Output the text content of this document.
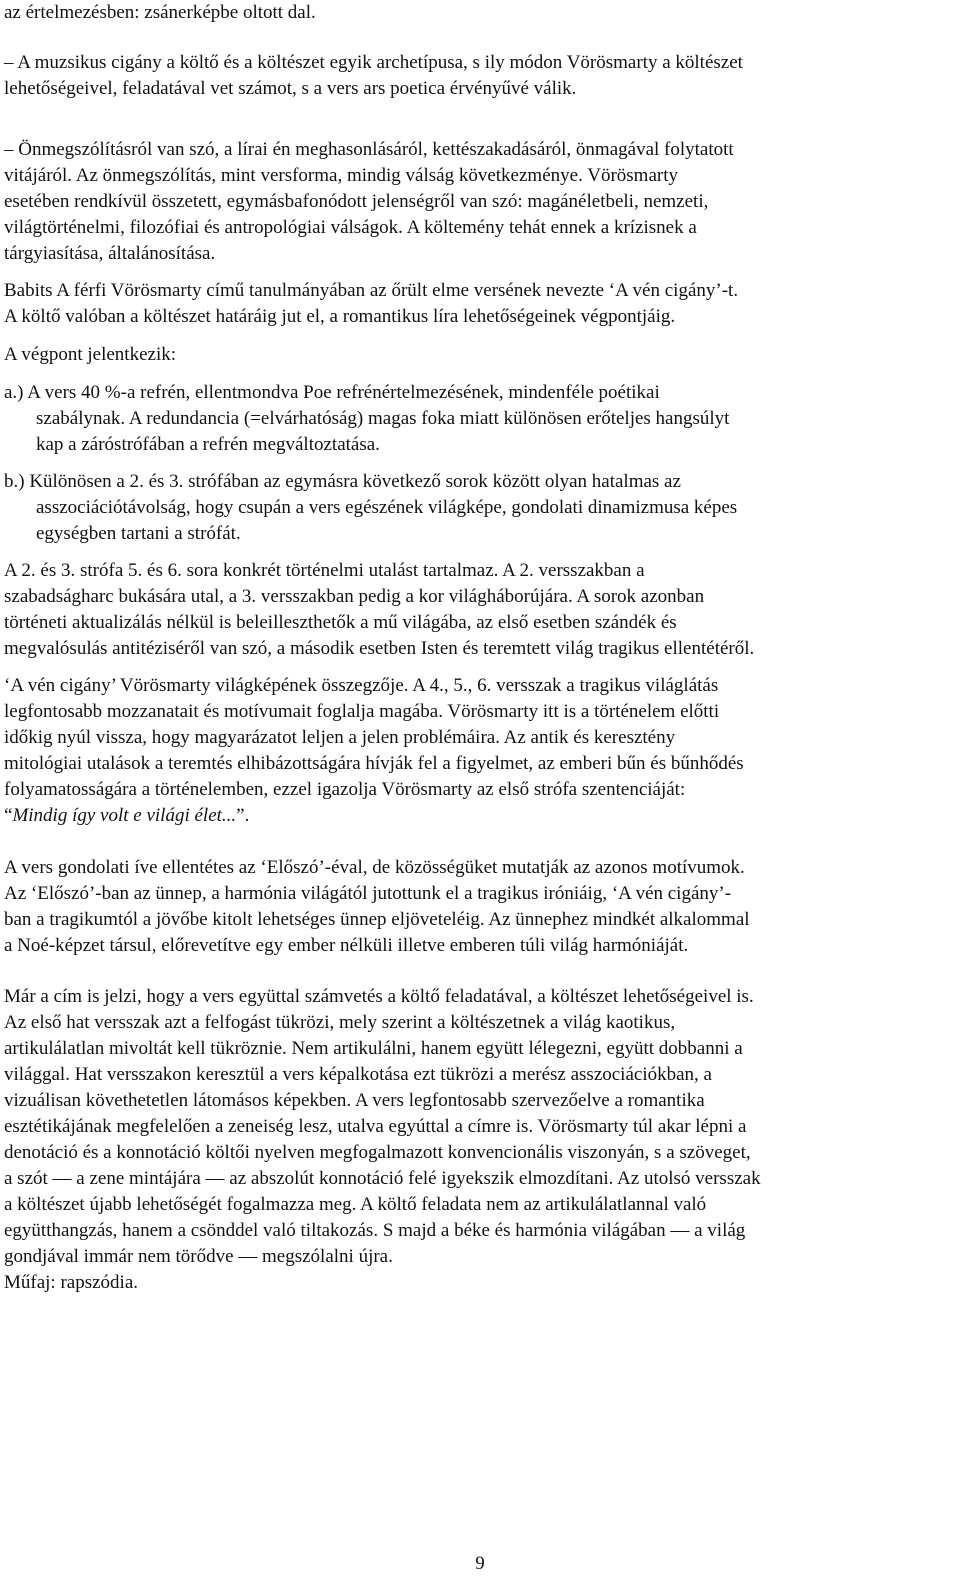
az értelmezésben: zsánerképbe oltott dal.
– A muzsikus cigány a költő és a költészet egyik archetípusa, s ily módon Vörösmarty a költészet
lehetőségeivel, feladatával vet számot, s a vers ars poetica érvényűvé válik.
– Önmegszólításról van szó, a lírai én meghasonlásáról, kettészakadásáról, önmagával folytatott
vitájáról. Az önmegszólítás, mint versforma, mindig válság következménye. Vörösmarty
esetében rendkívül összetett, egymásbafonódott jelenségről van szó: magánéletbeli, nemzeti,
világtörténelmi, filozófiai és antropológiai válságok. A költemény tehát ennek a krízisnek a
tárgyiasítása, általánosítása.
Babits A férfi Vörösmarty című tanulmányában az őrült elme versének nevezte ‘A vén cigány’-t.
A költő valóban a költészet határáig jut el, a romantikus líra lehetőségeinek végpontjáig.
A végpont jelentkezik:
a.) A vers 40 %-a refrén, ellentmondva Poe refrénértelmezésének, mindenféle poétikai
szabálynak. A redundancia (=elvárhatóság) magas foka miatt különösen erőteljes hangsúlyt
kap a záróstrófában a refrén megváltoztatása.
b.) Különösen a 2. és 3. strófában az egymásra következő sorok között olyan hatalmas az
asszociációtávolság, hogy csupán a vers egészének világképe, gondolati dinamizmusa képes
egységben tartani a strófát.
A 2. és 3. strófa 5. és 6. sora konkrét történelmi utalást tartalmaz. A 2. versszakban a
szabadságharc bukására utal, a 3. versszakban pedig a kor világháborújára. A sorok azonban
történeti aktualizálás nélkül is beleilleszthetők a mű világába, az első esetben szándék és
megvalósulás antitéziséről van szó, a második esetben Isten és teremtett világ tragikus ellentétéről.
‘A vén cigány’ Vörösmarty világképének összegzője. A 4., 5., 6. versszak a tragikus világlátás
legfontosabb mozzanatait és motívumait foglalja magába. Vörösmarty itt is a történelem előtti
időkig nyúl vissza, hogy magyarázatot leljen a jelen problémáira. Az antik és keresztény
mitológiai utalások a teremtés elhibázottságára hívják fel a figyelmet, az emberi bűn és bűnhődés
folyamatosságára a történelemben, ezzel igazolja Vörösmarty az első strófa szentenciáját:
“Mindig így volt e világi élet...”.
A vers gondolati íve ellentétes az ‘Előszó’-éval, de közösségüket mutatják az azonos motívumok.
Az ‘Előszó’-ban az ünnep, a harmónia világától jutottunk el a tragikus iróniáig, ‘A vén cigány’-
ban a tragikumtól a jövőbe kitolt lehetséges ünnep eljöveteléig. Az ünnephez mindkét alkalommal
a Noé-képzet társul, előrevetítve egy ember nélküli illetve emberen túli világ harmóniáját.
Már a cím is jelzi, hogy a vers együttal számvetés a költő feladatával, a költészet lehetőségeivel is.
Az első hat versszak azt a felfogást tükrözi, mely szerint a költészetnek a világ kaotikus,
artikulálatlan mivoltát kell tükröznie. Nem artikulálni, hanem együtt lélegezni, együtt dobbanni a
világgal. Hat versszakon keresztül a vers képalkotása ezt tükrözi a merész asszociációkban, a
vizuálisan követhetetlen látomásos képekben. A vers legfontosabb szervezőelve a romantika
esztétikájának megfelelően a zeneiség lesz, utalva egyúttal a címre is. Vörösmarty túl akar lépni a
denotáció és a konnotáció költői nyelven megfogalmazott konvencionális viszonyán, s a szöveget,
a szót — a zene mintájára — az abszolút konnotáció felé igyekszik elmozdítani. Az utolsó versszak
a költészet újabb lehetőségét fogalmazza meg. A költő feladata nem az artikulálatlannal való
együtthangzás, hanem a csönddel való tiltakozás. S majd a béke és harmónia világában — a világ
gondjával immár nem törődve — megszólalni újra.
Műfaj: rapszódia.
9
